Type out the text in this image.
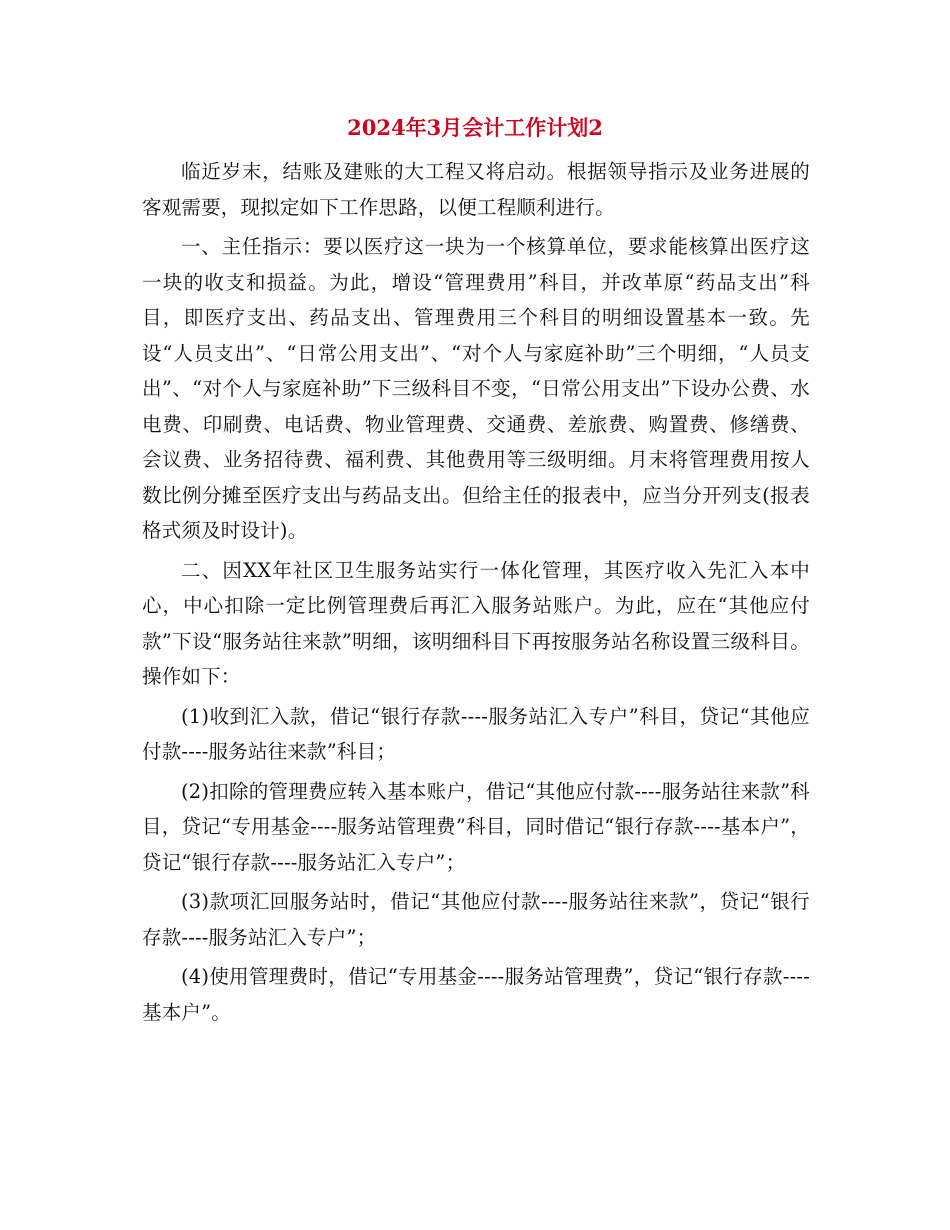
2024年3月会计工作计划2

临近岁末，结账及建账的大工程又将启动。根据领导指示及业务进展的客观需要，现拟定如下工作思路，以便工程顺利进行。

一、主任指示：要以医疗这一块为一个核算单位，要求能核算出医疗这一块的收支和损益。为此，增设“管理费用”科目，并改革原“药品支出”科目，即医疗支出、药品支出、管理费用三个科目的明细设置基本一致。先设“人员支出”、“日常公用支出”、“对个人与家庭补助”三个明细，“人员支出”、“对个人与家庭补助”下三级科目不变，“日常公用支出”下设办公费、水电费、印刷费、电话费、物业管理费、交通费、差旅费、购置费、修缮费、会议费、业务招待费、福利费、其他费用等三级明细。月末将管理费用按人数比例分摊至医疗支出与药品支出。但给主任的报表中，应当分开列支(报表格式须及时设计)。

二、因XX年社区卫生服务站实行一体化管理，其医疗收入先汇入本中心，中心扣除一定比例管理费后再汇入服务站账户。为此，应在“其他应付款”下设“服务站往来款”明细，该明细科目下再按服务站名称设置三级科目。操作如下：

(1)收到汇入款，借记“银行存款----服务站汇入专户”科目，贷记“其他应付款----服务站往来款”科目；

(2)扣除的管理费应转入基本账户，借记“其他应付款----服务站往来款”科目，贷记“专用基金----服务站管理费”科目，同时借记“银行存款----基本户”，贷记“银行存款----服务站汇入专户”；

(3)款项汇回服务站时，借记“其他应付款----服务站往来款”，贷记“银行存款----服务站汇入专户”；

(4)使用管理费时，借记“专用基金----服务站管理费”，贷记“银行存款----基本户”。
